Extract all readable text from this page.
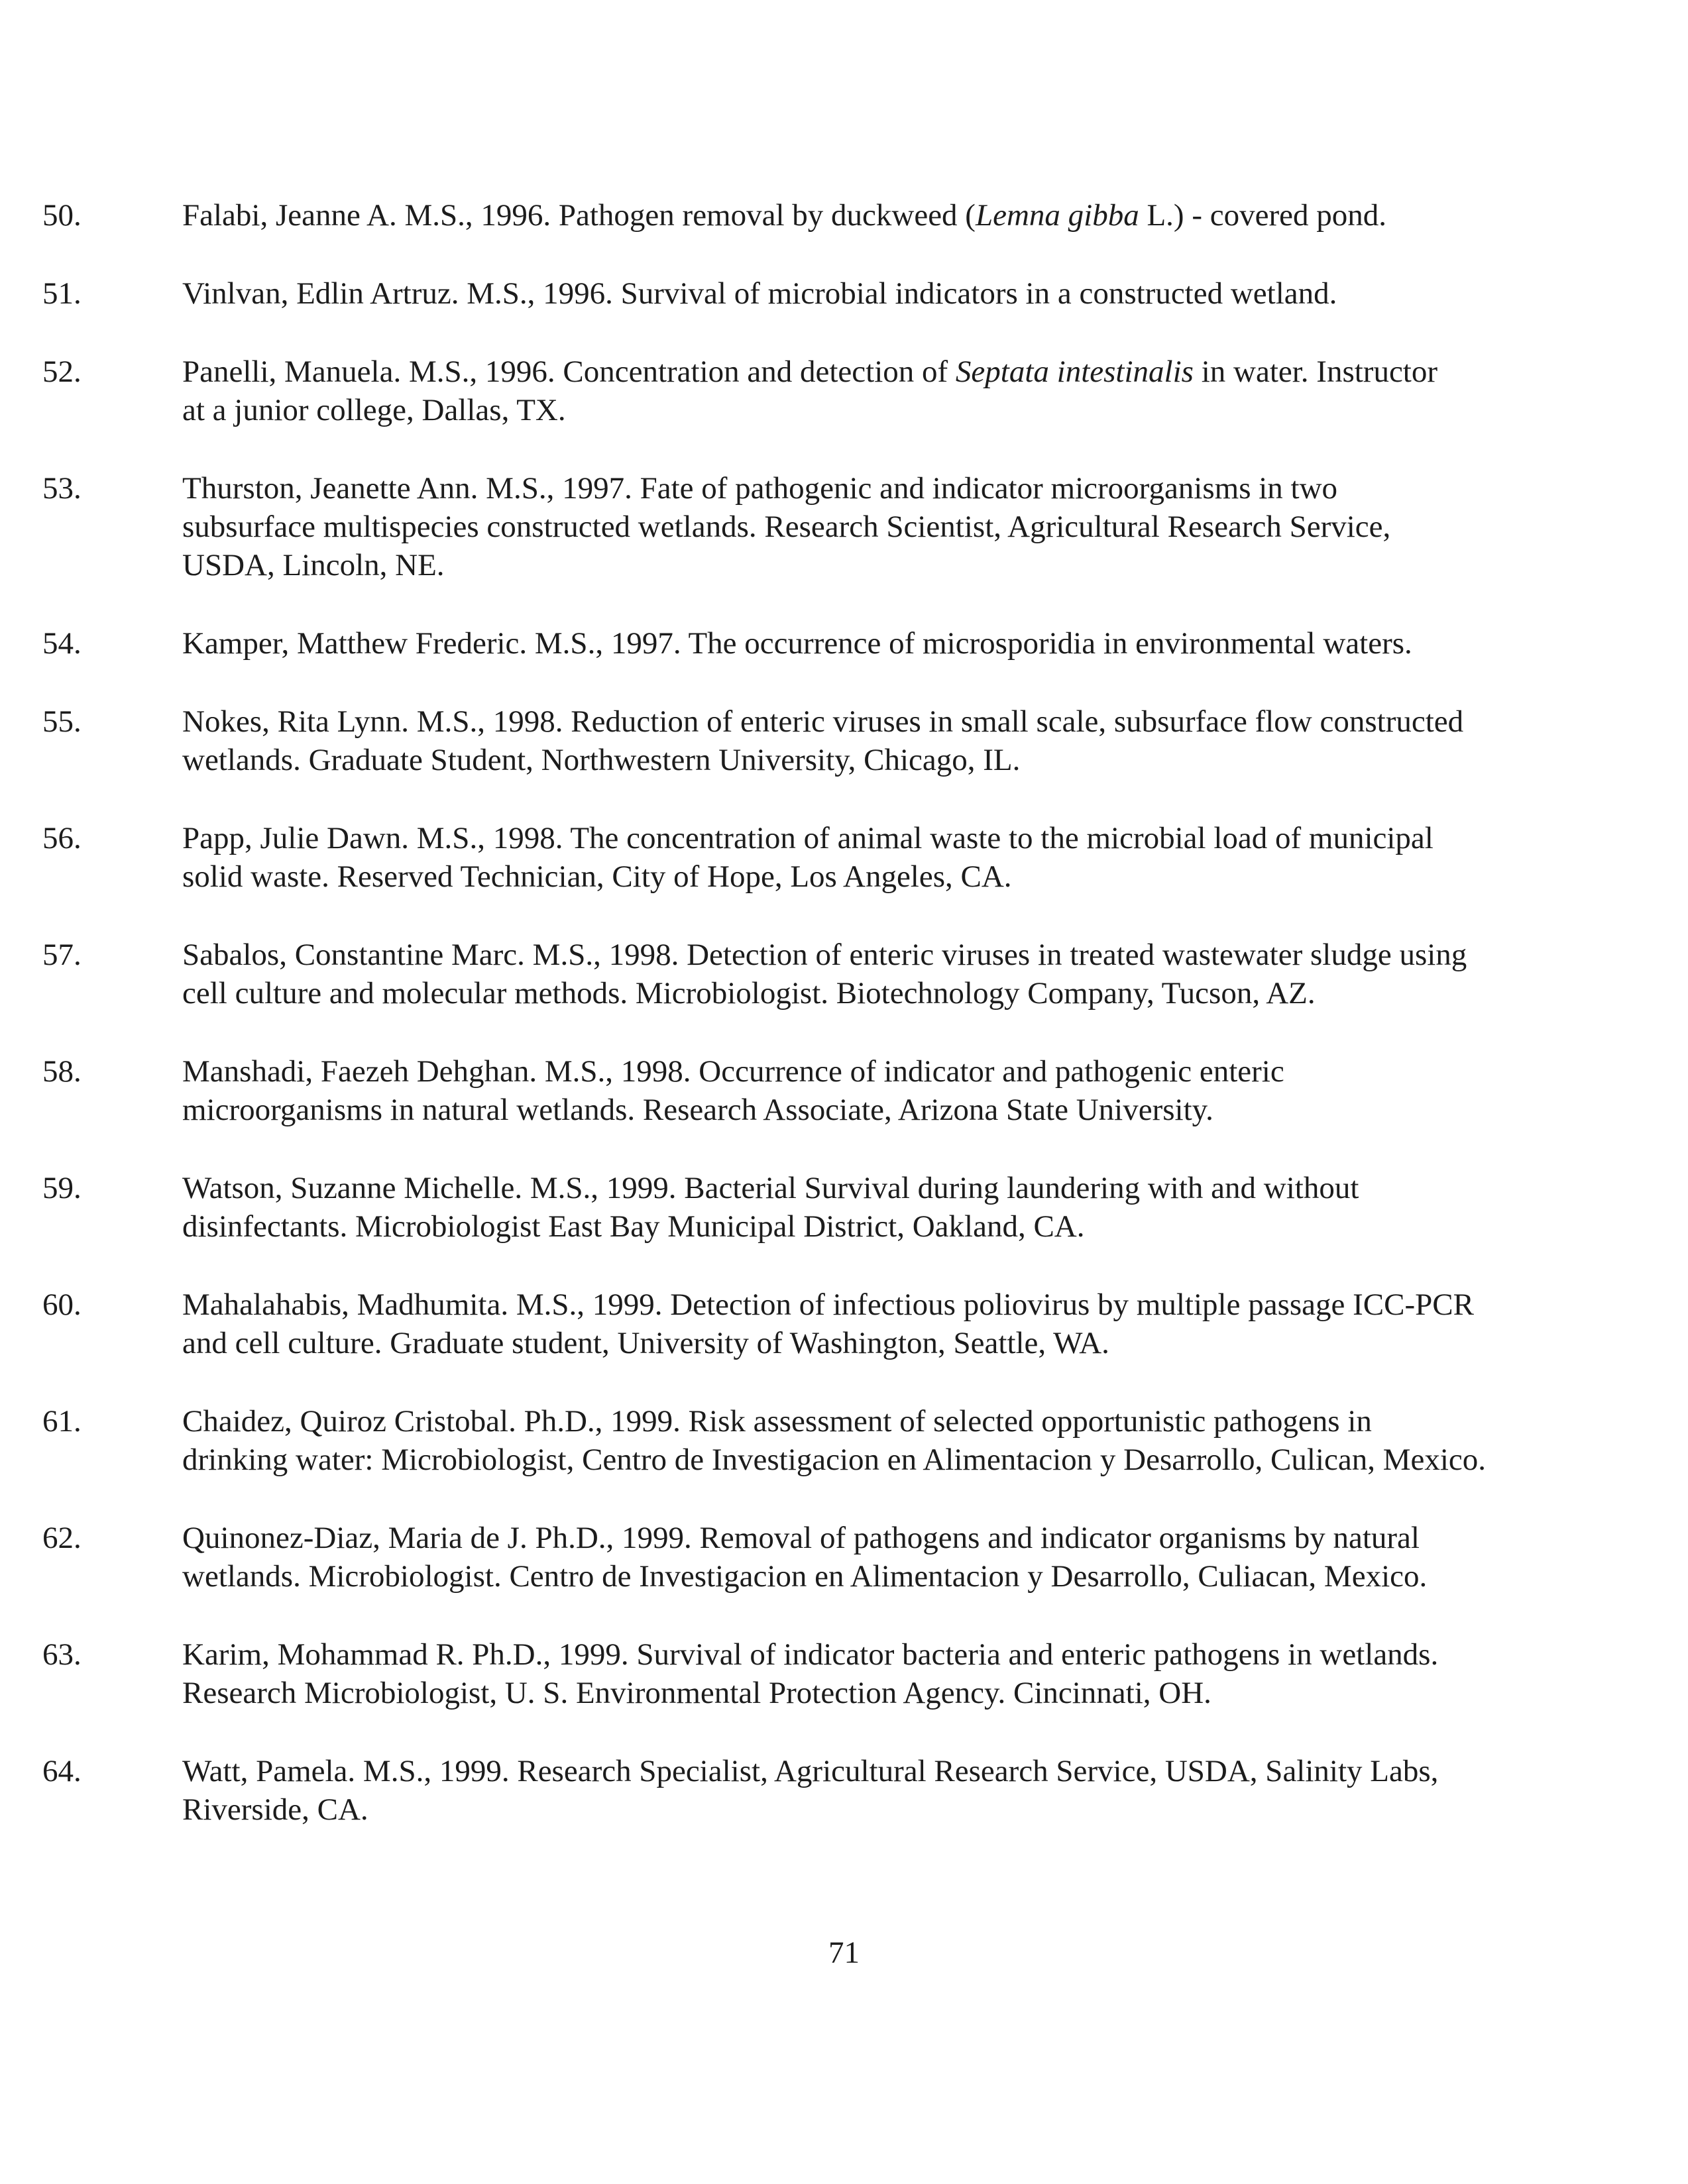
50.	Falabi, Jeanne A. M.S., 1996. Pathogen removal by duckweed (Lemna gibba L.) - covered pond.
51.	Vinlvan, Edlin Artruz. M.S., 1996. Survival of microbial indicators in a constructed wetland.
52.	Panelli, Manuela. M.S., 1996. Concentration and detection of Septata intestinalis in water. Instructor
at a junior college, Dallas, TX.
53.	Thurston, Jeanette Ann. M.S., 1997. Fate of pathogenic and indicator microorganisms in two
subsurface multispecies constructed wetlands. Research Scientist, Agricultural Research Service,
USDA, Lincoln, NE.
54.	Kamper, Matthew Frederic. M.S., 1997. The occurrence of microsporidia in environmental waters.
55.	Nokes, Rita Lynn. M.S., 1998. Reduction of enteric viruses in small scale, subsurface flow constructed
wetlands. Graduate Student, Northwestern University, Chicago, IL.
56.	Papp, Julie Dawn. M.S., 1998. The concentration of animal waste to the microbial load of municipal
solid waste. Reserved Technician, City of Hope, Los Angeles, CA.
57.	Sabalos, Constantine Marc. M.S., 1998. Detection of enteric viruses in treated wastewater sludge using
cell culture and molecular methods. Microbiologist. Biotechnology Company, Tucson, AZ.
58.	Manshadi, Faezeh Dehghan. M.S., 1998. Occurrence of indicator and pathogenic enteric
microorganisms in natural wetlands. Research Associate, Arizona State University.
59.	Watson, Suzanne Michelle. M.S., 1999. Bacterial Survival during laundering with and without
disinfectants. Microbiologist East Bay Municipal District, Oakland, CA.
60.	Mahalahabis, Madhumita. M.S., 1999. Detection of infectious poliovirus by multiple passage ICC-PCR
and cell culture. Graduate student, University of Washington, Seattle, WA.
61.	Chaidez, Quiroz Cristobal. Ph.D., 1999. Risk assessment of selected opportunistic pathogens in
drinking water: Microbiologist, Centro de Investigacion en Alimentacion y Desarrollo, Culican, Mexico.
62.	Quinonez-Diaz, Maria de J. Ph.D., 1999. Removal of pathogens and indicator organisms by natural
wetlands. Microbiologist. Centro de Investigacion en Alimentacion y Desarrollo, Culiacan, Mexico.
63.	Karim, Mohammad R. Ph.D., 1999. Survival of indicator bacteria and enteric pathogens in wetlands.
Research Microbiologist, U. S. Environmental Protection Agency. Cincinnati, OH.
64.	Watt, Pamela. M.S., 1999. Research Specialist, Agricultural Research Service, USDA, Salinity Labs,
Riverside, CA.
71
